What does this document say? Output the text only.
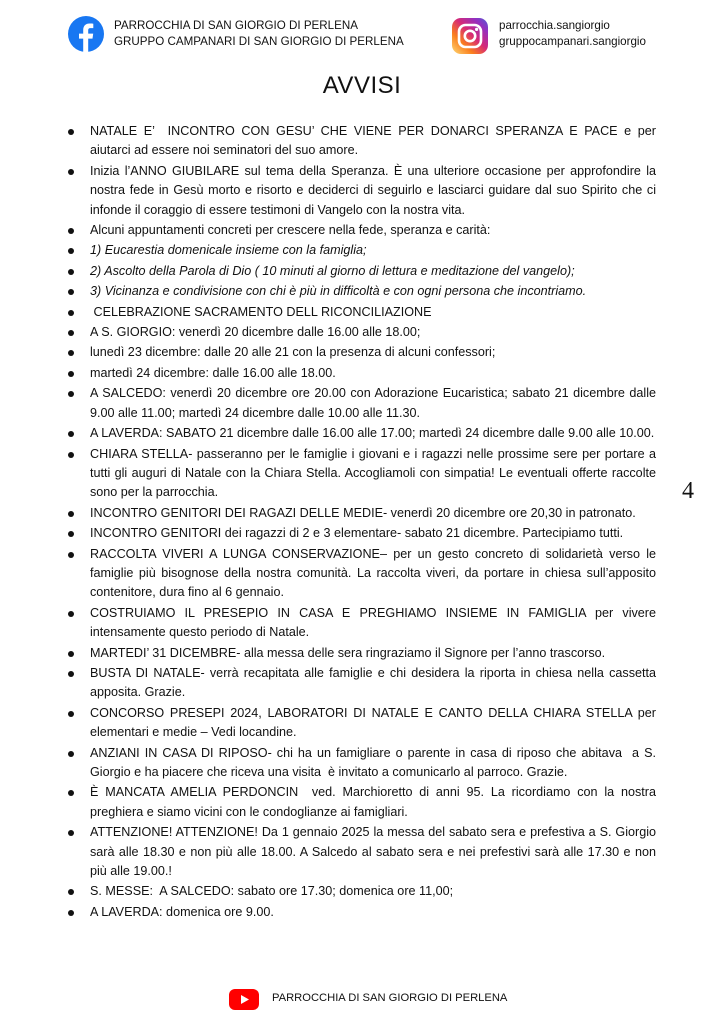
PARROCCHIA DI SAN GIORGIO DI PERLENA
GRUPPO CAMPANARI DI SAN GIORGIO DI PERLENA
parrocchia.sangiorgio
gruppocampanari.sangiorgio
AVVISI
4
NATALE E’  INCONTRO CON GESU’ CHE VIENE PER DONARCI SPERANZA E PACE e per aiutarci ad essere noi seminatori del suo amore.
Inizia l’ANNO GIUBILARE sul tema della Speranza. È una ulteriore occasione per approfondire la nostra fede in Gesù morto e risorto e decider​ci di seguirlo e lasciarci guidare dal suo Spirito che ci infonde il coraggio di essere testimoni di Vangelo con la nostra vita.
Alcuni appuntamenti concreti per crescere nella fede, speranza e carità:
1) Eucarestia domenicale insieme con la famiglia;
2) Ascolto della Parola di Dio ( 10 minuti al giorno di lettura e meditazione del vangelo);
3) Vicinanza e condivisione con chi è più in difficoltà e con ogni persona che incontriamo.
CELEBRAZIONE SACRAMENTO DELL RICONCILIAZIONE
A S. GIORGIO: venerdì 20 dicembre dalle 16.00 alle 18.00;
lunedì 23 dicembre: dalle 20 alle 21 con la presenza di alcuni confessori;
martedì 24 dicembre: dalle 16.00 alle 18.00.
A SALCEDO: venerdì 20 dicembre ore 20.00 con Adorazione Eucaristica; sabato 21 dicembre dalle 9.00 alle 11.00; martedì 24 dicembre dalle 10.00 alle 11.30.
A LAVERDA: SABATO 21 dicembre dalle 16.00 alle 17.00; martedì 24 dicembre dalle 9.00 alle 10.00.
CHIARA STELLA- passeranno per le famiglie i giovani e i ragazzi nelle prossime sere per portare a tutti gli auguri di Natale con la Chiara Stella. Accogliamoli con simpatia! Le eventuali offerte raccolte sono per la parrocchia.
INCONTRO GENITORI DEI RAGAZI DELLE MEDIE- venerdì 20 dicembre ore 20,30 in patronato.
INCONTRO GENITORI dei ragazzi di 2 e 3 elementare- sabato 21 dicembre. Partecipiamo tutti.
RACCOLTA VIVERI A LUNGA CONSERVAZIONE– per un gesto concreto di solidarietà verso le famiglie più bisognose della nostra comunità. La raccolta viveri, da portare in chiesa sull’apposito contenitore, dura fino al 6 gennaio.
COSTRUIAMO IL PRESEPIO IN CASA E PREGHIAMO INSIEME IN FAMIGLIA per vivere intensamente questo periodo di Natale.
MARTEDI’ 31 DICEMBRE- alla messa delle sera ringraziamo il Signore per l’anno trascorso.
BUSTA DI NATALE- verrà recapitata alle famiglie e chi desidera la riporta in chiesa nella cassetta apposita. Grazie.
CONCORSO PRESEPI 2024, LABORATORI DI NATALE E CANTO DELLA CHIARA STELLA per elementari e medie – Vedi locandine.
ANZIANI IN CASA DI RIPOSO- chi ha un famigliare o parente in casa di riposo che abitava  a S. Giorgio e ha piacere che riceva una visita  è invitato a comunicarlo al parroco. Grazie.
È MANCATA AMELIA PERDONCIN  ved. Marchioretto di anni 95. La ricordiamo con la nostra preghiera e siamo vicini con le condoglianze ai famigliari.
ATTENZIONE! ATTENZIONE! Da 1 gennaio 2025 la messa del sabato sera e prefestiva a S. Giorgio sarà alle 18.30 e non più alle 18.00. A Salcedo al sabato sera e nei prefestivi sarà alle 17.30 e non più alle 19.00.!
S. MESSE:  A SALCEDO: sabato ore 17.30; domenica ore 11,00;
A LAVERDA: domenica ore 9.00.
PARROCCHIA DI SAN GIORGIO DI PERLENA
